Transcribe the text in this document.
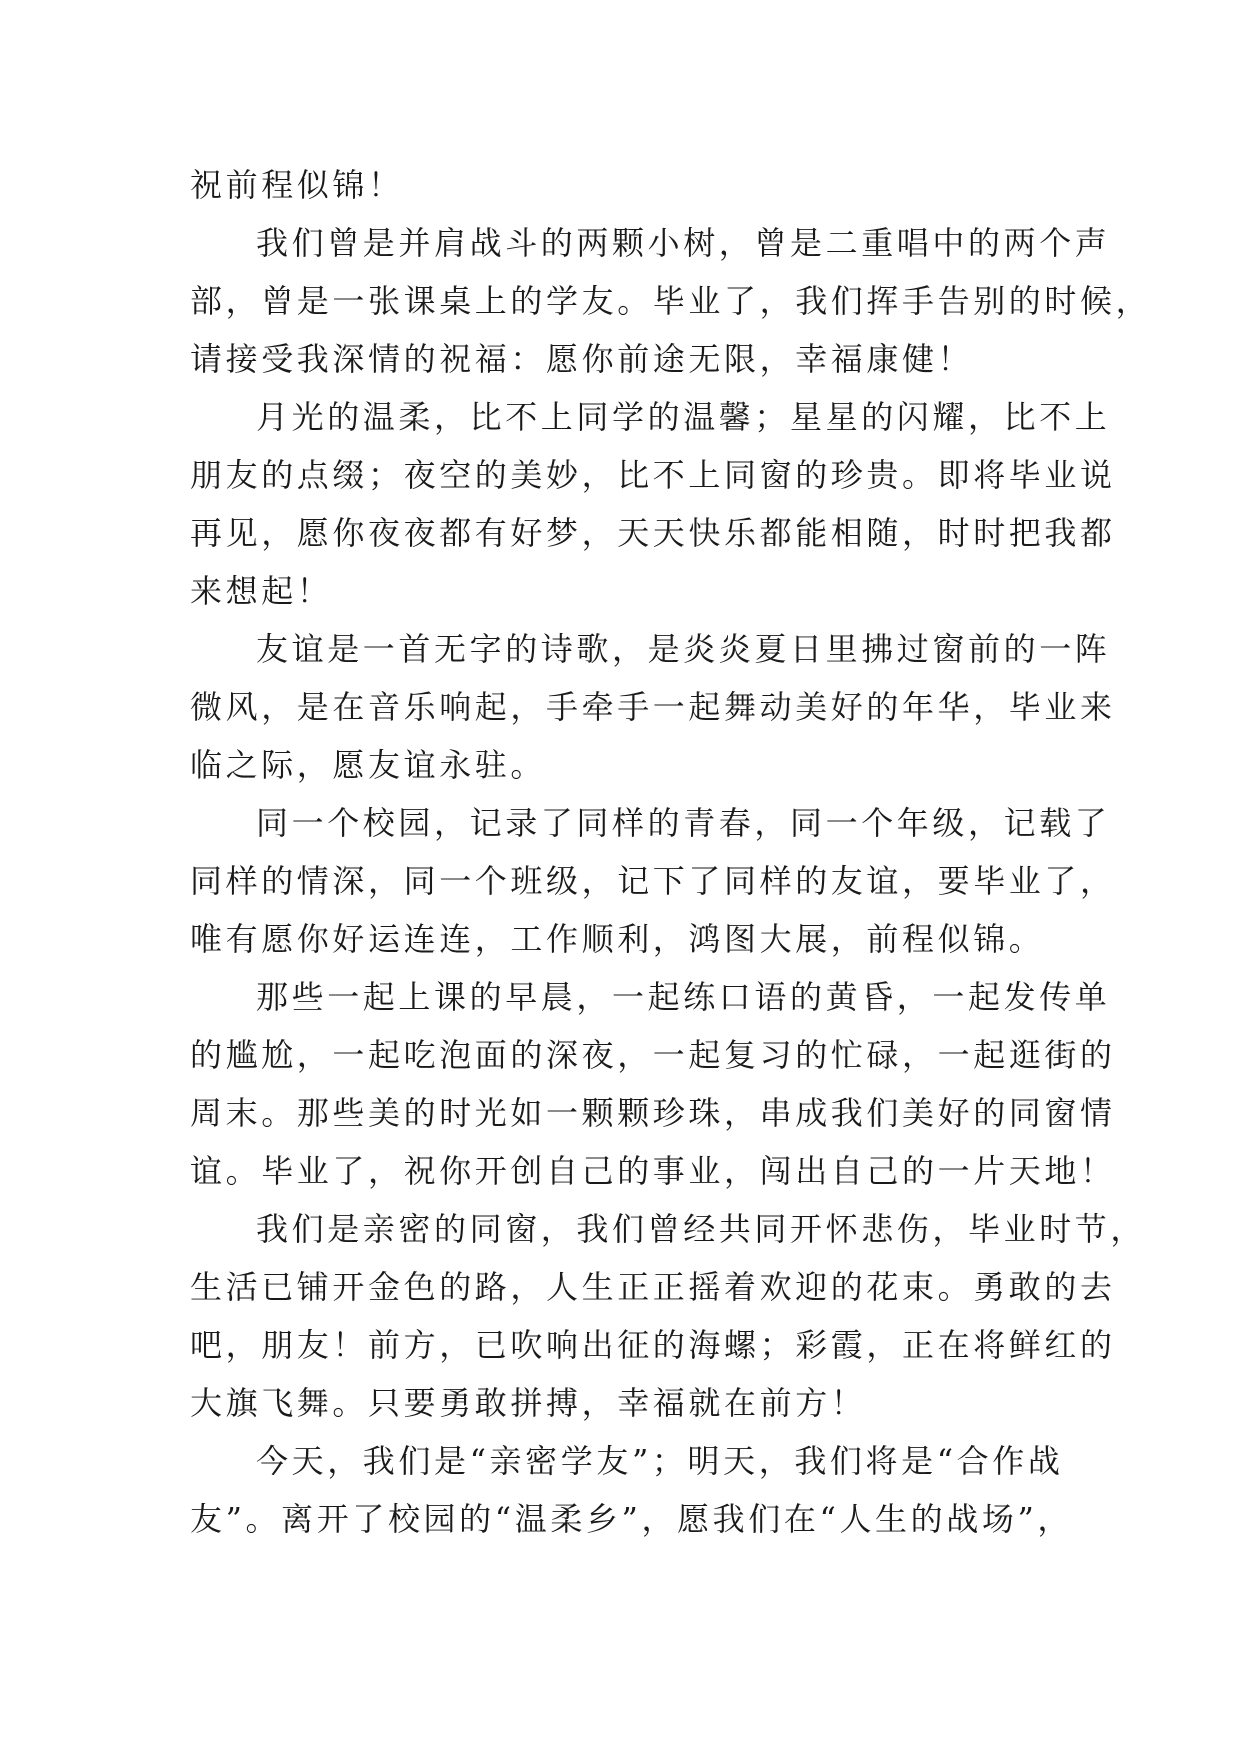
祝前程似锦！
我们曾是并肩战斗的两颗小树，曾是二重唱中的两个声
部，曾是一张课桌上的学友。毕业了，我们挥手告别的时候，
请接受我深情的祝福：愿你前途无限，幸福康健！
月光的温柔，比不上同学的温馨；星星的闪耀，比不上
朋友的点缀；夜空的美妙，比不上同窗的珍贵。即将毕业说
再见，愿你夜夜都有好梦，天天快乐都能相随，时时把我都
来想起！
友谊是一首无字的诗歌，是炎炎夏日里拂过窗前的一阵
微风，是在音乐响起，手牵手一起舞动美好的年华，毕业来
临之际，愿友谊永驻。
同一个校园，记录了同样的青春，同一个年级，记载了
同样的情深，同一个班级，记下了同样的友谊，要毕业了，
唯有愿你好运连连，工作顺利，鸿图大展，前程似锦。
那些一起上课的早晨，一起练口语的黄昏，一起发传单
的尴尬，一起吃泡面的深夜，一起复习的忙碌，一起逛街的
周末。那些美的时光如一颗颗珍珠，串成我们美好的同窗情
谊。毕业了，祝你开创自己的事业，闯出自己的一片天地！
我们是亲密的同窗，我们曾经共同开怀悲伤，毕业时节，
生活已铺开金色的路，人生正正摇着欢迎的花束。勇敢的去
吧，朋友！前方，已吹响出征的海螺；彩霞，正在将鲜红的
大旗飞舞。只要勇敢拼搏，幸福就在前方！
今天，我们是“亲密学友”；明天，我们将是“合作战
友”。离开了校园的“温柔乡”，愿我们在“人生的战场”，
